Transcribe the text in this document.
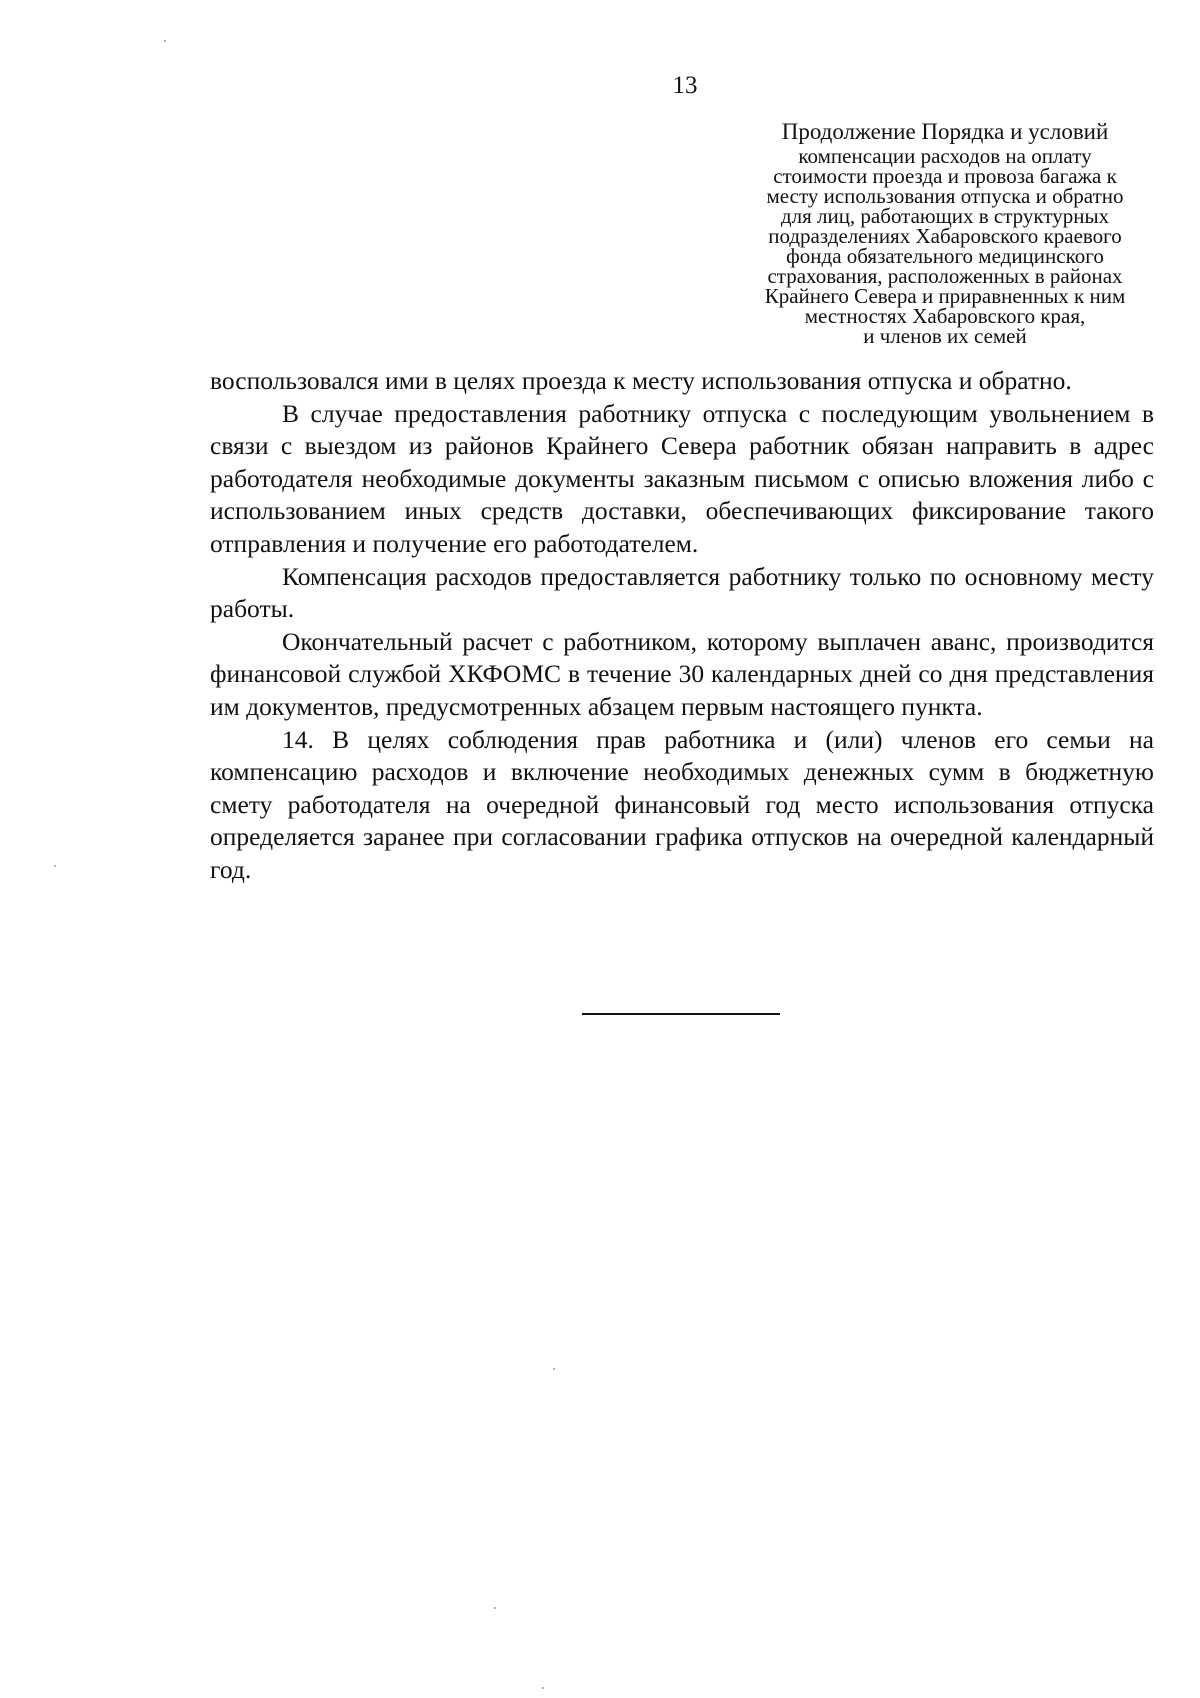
13
Продолжение Порядка и условий
компенсации расходов на оплату
стоимости проезда и провоза багажа к
месту использования отпуска и обратно
для лиц, работающих в структурных
подразделениях Хабаровского краевого
фонда обязательного медицинского
страхования, расположенных в районах
Крайнего Севера и приравненных к ним
местностях Хабаровского края,
и членов их семей

воспользовался ими в целях проезда к месту использования отпуска и обратно.

В случае предоставления работнику отпуска с последующим увольнением в связи с выездом из районов Крайнего Севера работник обязан направить в адрес работодателя необходимые документы заказным письмом с описью вложения либо с использованием иных средств доставки, обеспечивающих фиксирование такого отправления и получение его работодателем.

Компенсация расходов предоставляется работнику только по основному месту работы.

Окончательный расчет с работником, которому выплачен аванс, производится финансовой службой ХКФОМС в течение 30 календарных дней со дня представления им документов, предусмотренных абзацем первым настоящего пункта.

14. В целях соблюдения прав работника и (или) членов его семьи на компенсацию расходов и включение необходимых денежных сумм в бюджетную смету работодателя на очередной финансовый год место использования отпуска определяется заранее при согласовании графика отпусков на очередной календарный год.
